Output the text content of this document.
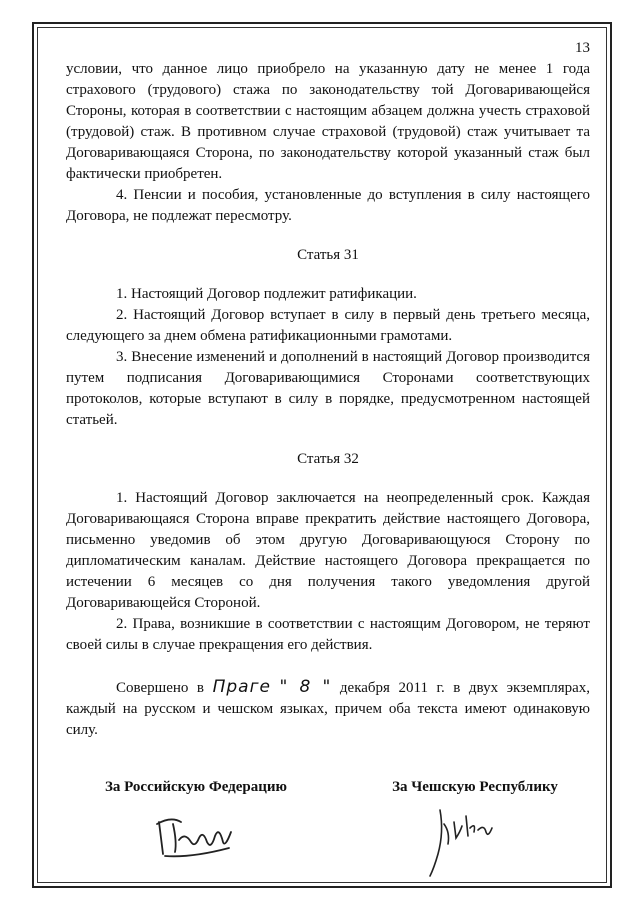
13

условии, что данное лицо приобрело на указанную дату не менее 1 года страхового (трудового) стажа по законодательству той Договаривающейся Стороны, которая в соответствии с настоящим абзацем должна учесть страховой (трудовой) стаж. В противном случае страховой (трудовой) стаж учитывает та Договаривающаяся Сторона, по законодательству которой указанный стаж был фактически приобретен.

4. Пенсии и пособия, установленные до вступления в силу настоящего Договора, не подлежат пересмотру.

Статья 31

1. Настоящий Договор подлежит ратификации.

2. Настоящий Договор вступает в силу в первый день третьего месяца, следующего за днем обмена ратификационными грамотами.

3. Внесение изменений и дополнений в настоящий Договор производится путем подписания Договаривающимися Сторонами соответствующих протоколов, которые вступают в силу в порядке, предусмотренном настоящей статьей.

Статья 32

1. Настоящий Договор заключается на неопределенный срок. Каждая Договаривающаяся Сторона вправе прекратить действие настоящего Договора, письменно уведомив об этом другую Договаривающуюся Сторону по дипломатическим каналам. Действие настоящего Договора прекращается по истечении 6 месяцев со дня получения такого уведомления другой Договаривающейся Стороной.

2. Права, возникшие в соответствии с настоящим Договором, не теряют своей силы в случае прекращения его действия.

Совершено в Праге " 8 " декабря 2011 г. в двух экземплярах, каждый на русском и чешском языках, причем оба текста имеют одинаковую силу.

За Российскую Федерацию	За Чешскую Республику
